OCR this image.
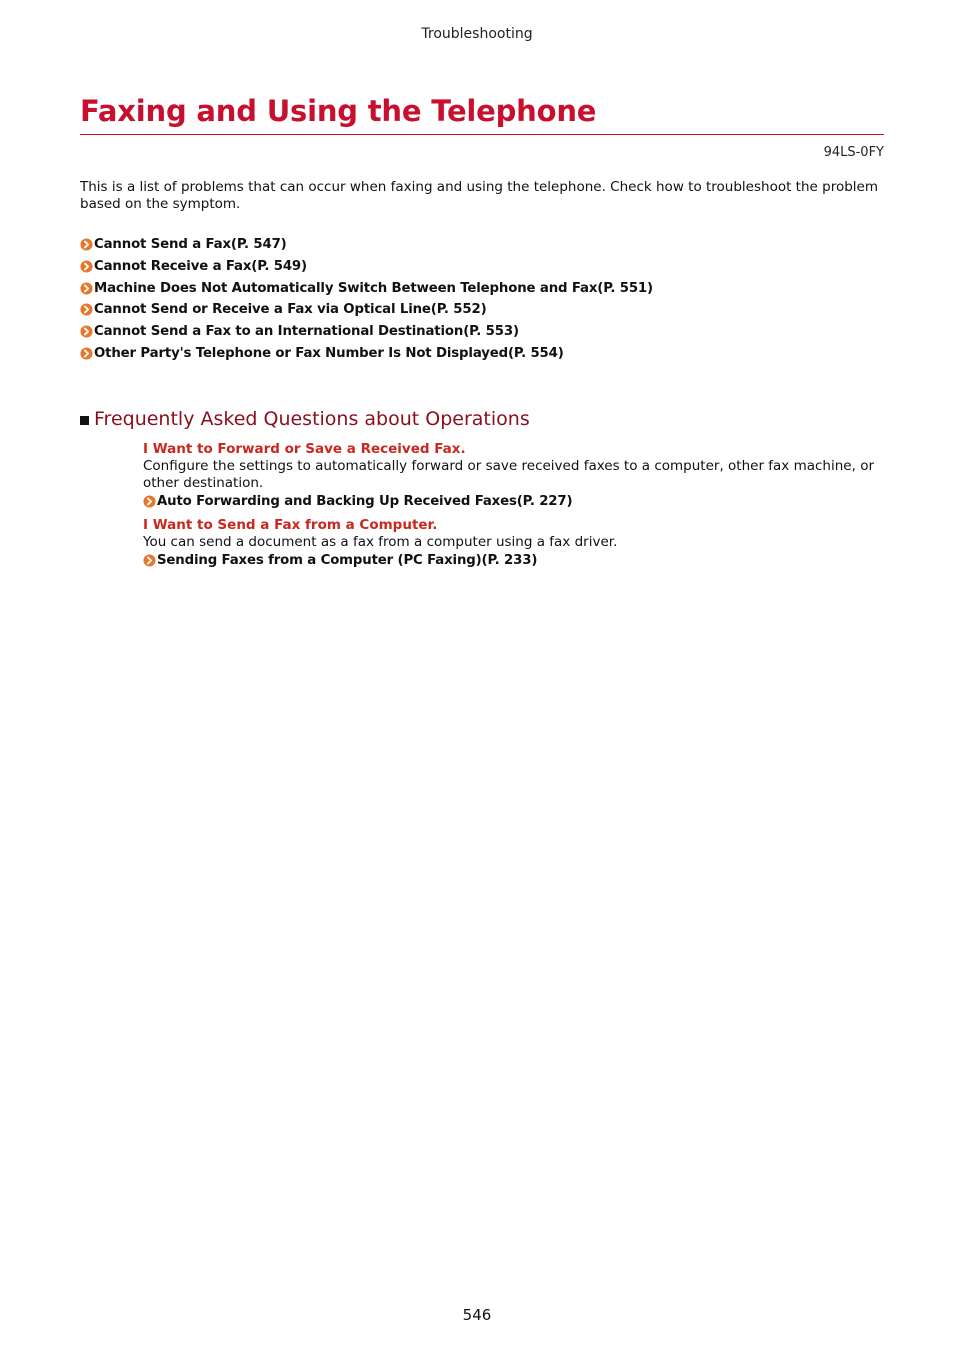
Troubleshooting
Faxing and Using the Telephone
94LS-0FY

This is a list of problems that can occur when faxing and using the telephone. Check how to troubleshoot the problem based on the symptom.

Cannot Send a Fax(P. 547)
Cannot Receive a Fax(P. 549)
Machine Does Not Automatically Switch Between Telephone and Fax(P. 551)
Cannot Send or Receive a Fax via Optical Line(P. 552)
Cannot Send a Fax to an International Destination(P. 553)
Other Party's Telephone or Fax Number Is Not Displayed(P. 554)
Frequently Asked Questions about Operations
I Want to Forward or Save a Received Fax.

Configure the settings to automatically forward or save received faxes to a computer, other fax machine, or other destination.

Auto Forwarding and Backing Up Received Faxes(P. 227)
I Want to Send a Fax from a Computer.

You can send a document as a fax from a computer using a fax driver.

Sending Faxes from a Computer (PC Faxing)(P. 233)
546
